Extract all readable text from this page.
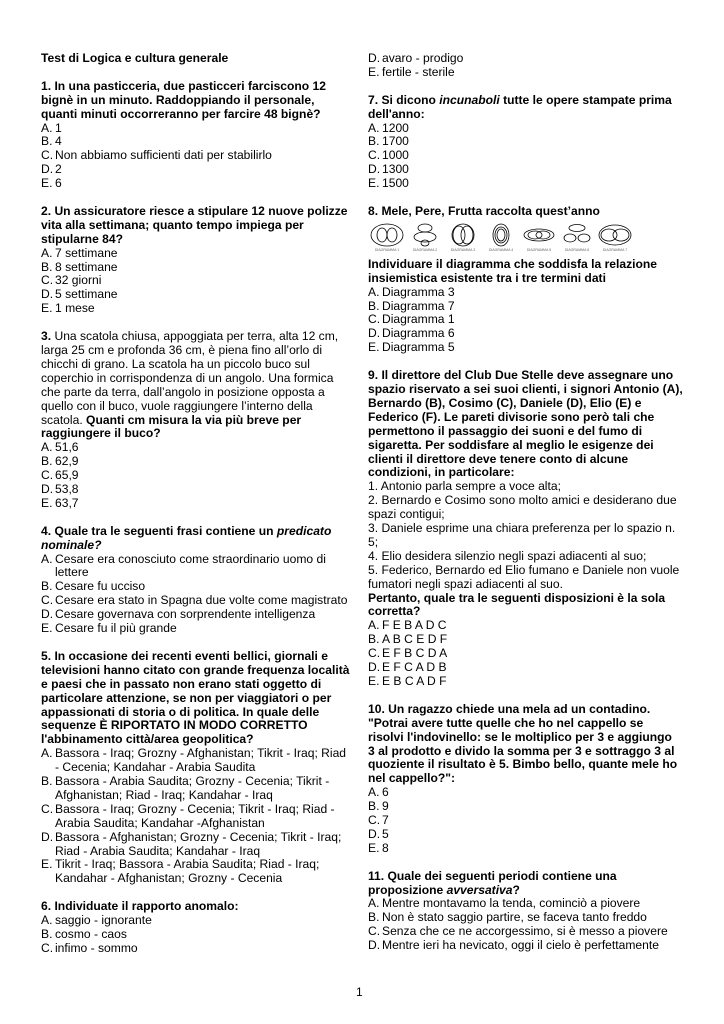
Test di Logica e cultura generale
1. In una pasticceria, due pasticceri farciscono 12
bignè in un minuto. Raddoppiando il personale,
quanti minuti occorreranno per farcire 48 bignè?
A. 1
B. 4
C. Non abbiamo sufficienti dati per stabilirlo
D. 2
E. 6
2. Un assicuratore riesce a stipulare 12 nuove polizze
vita alla settimana; quanto tempo impiega per
stipularne 84?
A. 7 settimane
B. 8 settimane
C. 32 giorni
D. 5 settimane
E. 1 mese
3. Una scatola chiusa, appoggiata per terra, alta 12 cm,
larga 25 cm e profonda 36 cm, è piena fino all’orlo di
chicchi di grano. La scatola ha un piccolo buco sul
coperchio in corrispondenza di un angolo. Una formica
che parte da terra, dall’angolo in posizione opposta a
quello con il buco, vuole raggiungere l’interno della
scatola. Quanti cm misura la via più breve per
raggiungere il buco?
A. 51,6
B. 62,9
C. 65,9
D. 53,8
E. 63,7
4. Quale tra le seguenti frasi contiene un predicato
nominale?
A. Cesare era conosciuto come straordinario uomo di lettere
B. Cesare fu ucciso
C. Cesare era stato in Spagna due volte come magistrato
D. Cesare governava con sorprendente intelligenza
E. Cesare fu il più grande
5. In occasione dei recenti eventi bellici, giornali e
televisioni hanno citato con grande frequenza località
e paesi che in passato non erano stati oggetto di
particolare attenzione, se non per viaggiatori o per
appassionati di storia o di politica. In quale delle
sequenze È RIPORTATO IN MODO CORRETTO
l'abbinamento città/area geopolitica?
A. Bassora - Iraq; Grozny - Afghanistan; Tikrit - Iraq; Riad - Cecenia; Kandahar - Arabia Saudita
B. Bassora - Arabia Saudita; Grozny - Cecenia; Tikrit - Afghanistan; Riad - Iraq; Kandahar - Iraq
C. Bassora - Iraq; Grozny - Cecenia; Tikrit - Iraq; Riad - Arabia Saudita; Kandahar -Afghanistan
D. Bassora - Afghanistan; Grozny - Cecenia; Tikrit - Iraq; Riad - Arabia Saudita; Kandahar - Iraq
E. Tikrit - Iraq; Bassora - Arabia Saudita; Riad - Iraq; Kandahar - Afghanistan; Grozny - Cecenia
6. Individuate il rapporto anomalo:
A. saggio - ignorante
B. cosmo - caos
C. infimo - sommo
D. avaro - prodigo
E. fertile - sterile
7. Si dicono incunaboli tutte le opere stampate prima
dell'anno:
A. 1200
B. 1700
C. 1000
D. 1300
E. 1500
8. Mele, Pere, Frutta raccolta quest’anno
DIAGRAMMA 1	DIAGRAMMA 2	DIAGRAMMA 3	DIAGRAMMA 4	DIAGRAMMA 5	DIAGRAMMA 6	DIAGRAMMA 7
Individuare il diagramma che soddisfa la relazione
insiemistica esistente tra i tre termini dati
A. Diagramma 3
B. Diagramma 7
C. Diagramma 1
D. Diagramma 6
E. Diagramma 5
9. Il direttore del Club Due Stelle deve assegnare uno
spazio riservato a sei suoi clienti, i signori Antonio (A),
Bernardo (B), Cosimo (C), Daniele (D), Elio (E) e
Federico (F). Le pareti divisorie sono però tali che
permettono il passaggio dei suoni e del fumo di
sigaretta. Per soddisfare al meglio le esigenze dei
clienti il direttore deve tenere conto di alcune
condizioni, in particolare:
1. Antonio parla sempre a voce alta;
2. Bernardo e Cosimo sono molto amici e desiderano due
spazi contigui;
3. Daniele esprime una chiara preferenza per lo spazio n.
5;
4. Elio desidera silenzio negli spazi adiacenti al suo;
5. Federico, Bernardo ed Elio fumano e Daniele non vuole
fumatori negli spazi adiacenti al suo.
Pertanto, quale tra le seguenti disposizioni è la sola
corretta?
A. F E B A D C
B. A B C E D F
C. E F B C D A
D. E F C A D B
E. E B C A D F
10. Un ragazzo chiede una mela ad un contadino.
"Potrai avere tutte quelle che ho nel cappello se
risolvi l'indovinello: se le moltiplico per 3 e aggiungo
3 al prodotto e divido la somma per 3 e sottraggo 3 al
quoziente il risultato è 5. Bimbo bello, quante mele ho
nel cappello?":
A. 6
B. 9
C. 7
D. 5
E. 8
11. Quale dei seguenti periodi contiene una
proposizione avversativa?
A. Mentre montavamo la tenda, cominciò a piovere
B. Non è stato saggio partire, se faceva tanto freddo
C. Senza che ce ne accorgessimo, si è messo a piovere
D. Mentre ieri ha nevicato, oggi il cielo è perfettamente
1
